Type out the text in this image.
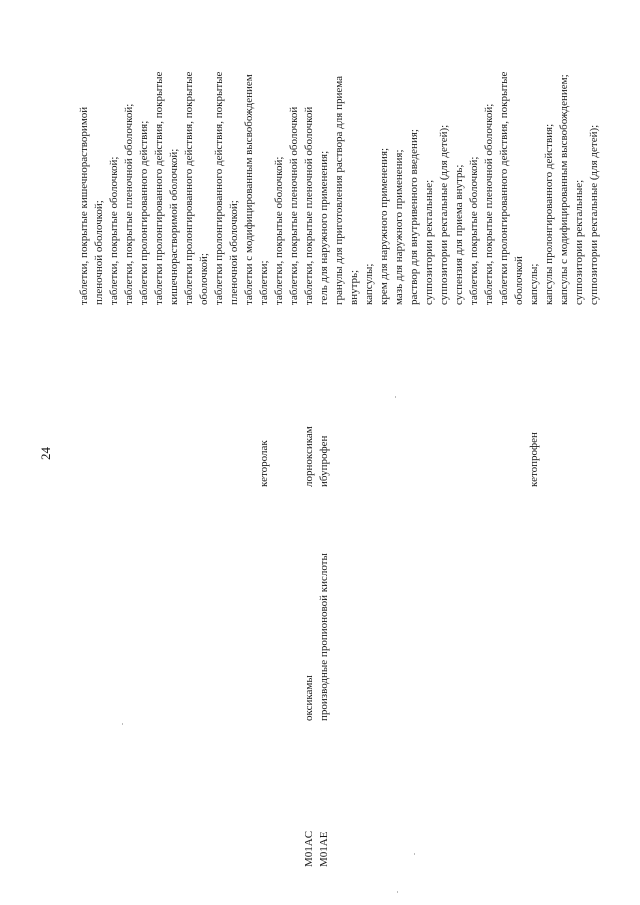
24
M01AC M01AE
оксикамы производные пропионовой кислоты
кеторолак	лорноксикам ибупрофен	кетопрофен
таблетки, покрытые кишечнорастворимой пленочной оболочкой; таблетки, покрытые оболочкой; таблетки, покрытые пленочной оболочкой; таблетки пролонгированного действия; таблетки пролонгированного действия, покрытые кишечнорастворимой оболочкой; таблетки пролонгированного действия, покрытые оболочкой; таблетки пролонгированного действия, покрытые пленочной оболочкой; таблетки с модифицированным высвобождением таблетки; таблетки, покрытые оболочкой; таблетки, покрытые пленочной оболочкой таблетки, покрытые пленочной оболочкой гель для наружного применения; гранулы для приготовления раствора для приема внутрь; капсулы; крем для наружного применения; мазь для наружного применения; раствор для внутривенного введения; суппозитории ректальные; суппозитории ректальные (для детей); суспензия для приема внутрь; таблетки, покрытые оболочкой; таблетки, покрытые пленочной оболочкой; таблетки пролонгированного действия, покрытые оболочкой капсулы; капсулы пролонгированного действия; капсулы с модифицированным высвобождением; суппозитории ректальные; суппозитории ректальные (для детей);
